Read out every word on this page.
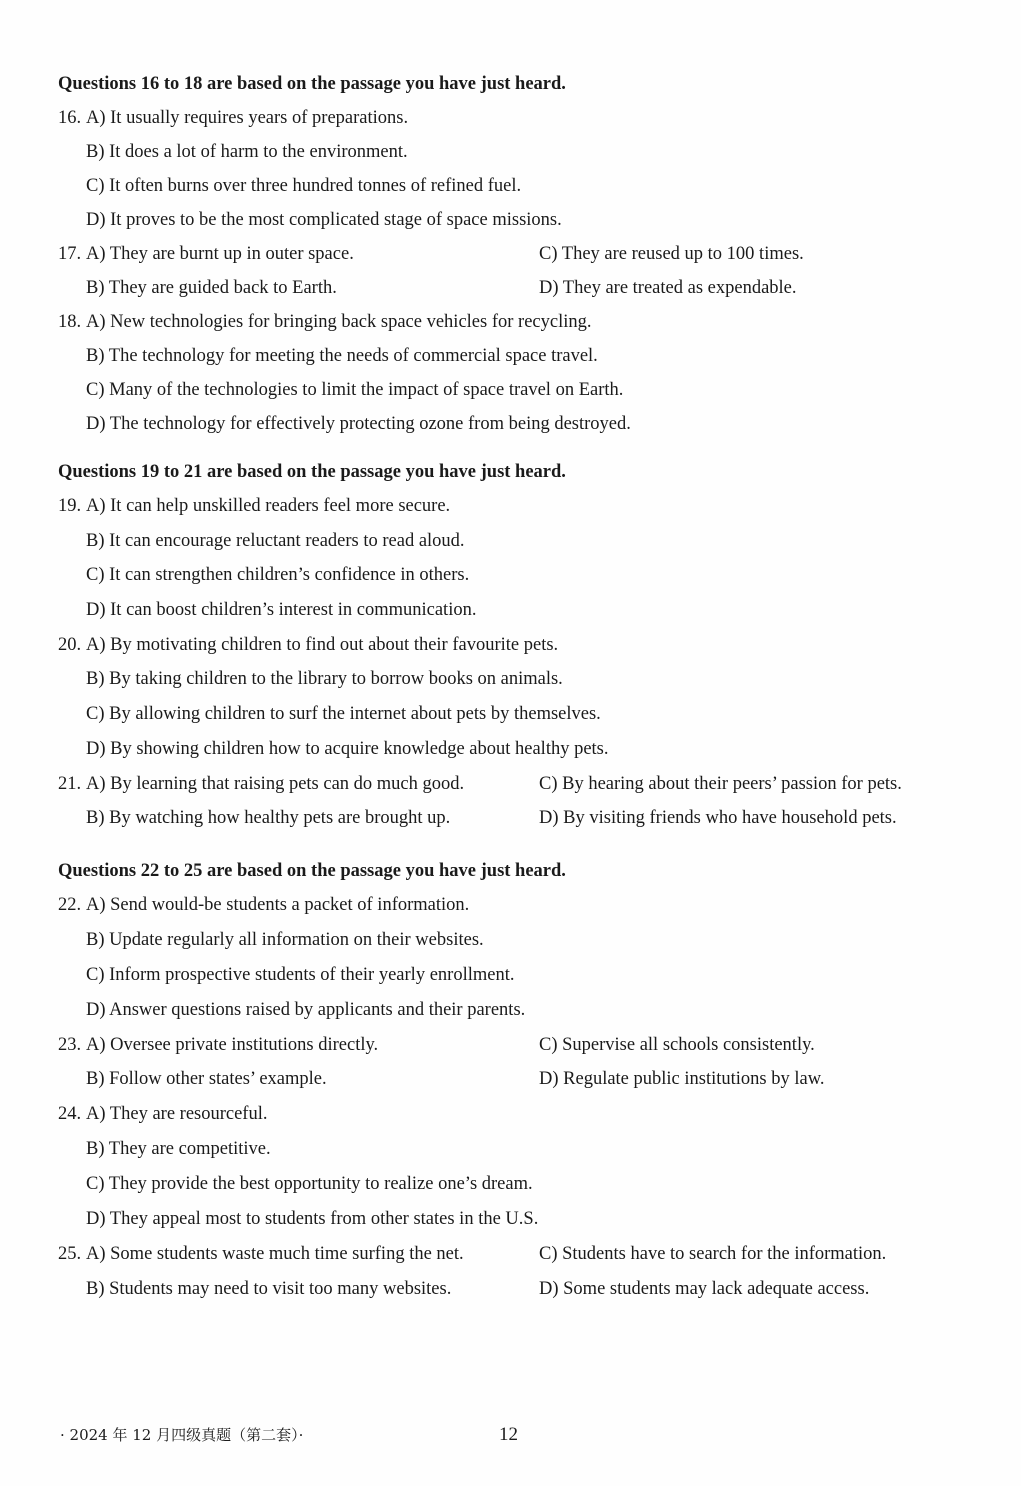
Questions 16 to 18 are based on the passage you have just heard.
16. A) It usually requires years of preparations.
B) It does a lot of harm to the environment.
C) It often burns over three hundred tonnes of refined fuel.
D) It proves to be the most complicated stage of space missions.
17. A) They are burnt up in outer space.	C) They are reused up to 100 times.
B) They are guided back to Earth.	D) They are treated as expendable.
18. A) New technologies for bringing back space vehicles for recycling.
B) The technology for meeting the needs of commercial space travel.
C) Many of the technologies to limit the impact of space travel on Earth.
D) The technology for effectively protecting ozone from being destroyed.
Questions 19 to 21 are based on the passage you have just heard.
19. A) It can help unskilled readers feel more secure.
B) It can encourage reluctant readers to read aloud.
C) It can strengthen children’s confidence in others.
D) It can boost children’s interest in communication.
20. A) By motivating children to find out about their favourite pets.
B) By taking children to the library to borrow books on animals.
C) By allowing children to surf the internet about pets by themselves.
D) By showing children how to acquire knowledge about healthy pets.
21. A) By learning that raising pets can do much good.	C) By hearing about their peers’ passion for pets.
B) By watching how healthy pets are brought up.	D) By visiting friends who have household pets.
Questions 22 to 25 are based on the passage you have just heard.
22. A) Send would-be students a packet of information.
B) Update regularly all information on their websites.
C) Inform prospective students of their yearly enrollment.
D) Answer questions raised by applicants and their parents.
23. A) Oversee private institutions directly.	C) Supervise all schools consistently.
B) Follow other states’ example.	D) Regulate public institutions by law.
24. A) They are resourceful.
B) They are competitive.
C) They provide the best opportunity to realize one’s dream.
D) They appeal most to students from other states in the U.S.
25. A) Some students waste much time surfing the net.	C) Students have to search for the information.
B) Students may need to visit too many websites.	D) Some students may lack adequate access.
· 2024 年 12 月四级真题（第二套）·	12
